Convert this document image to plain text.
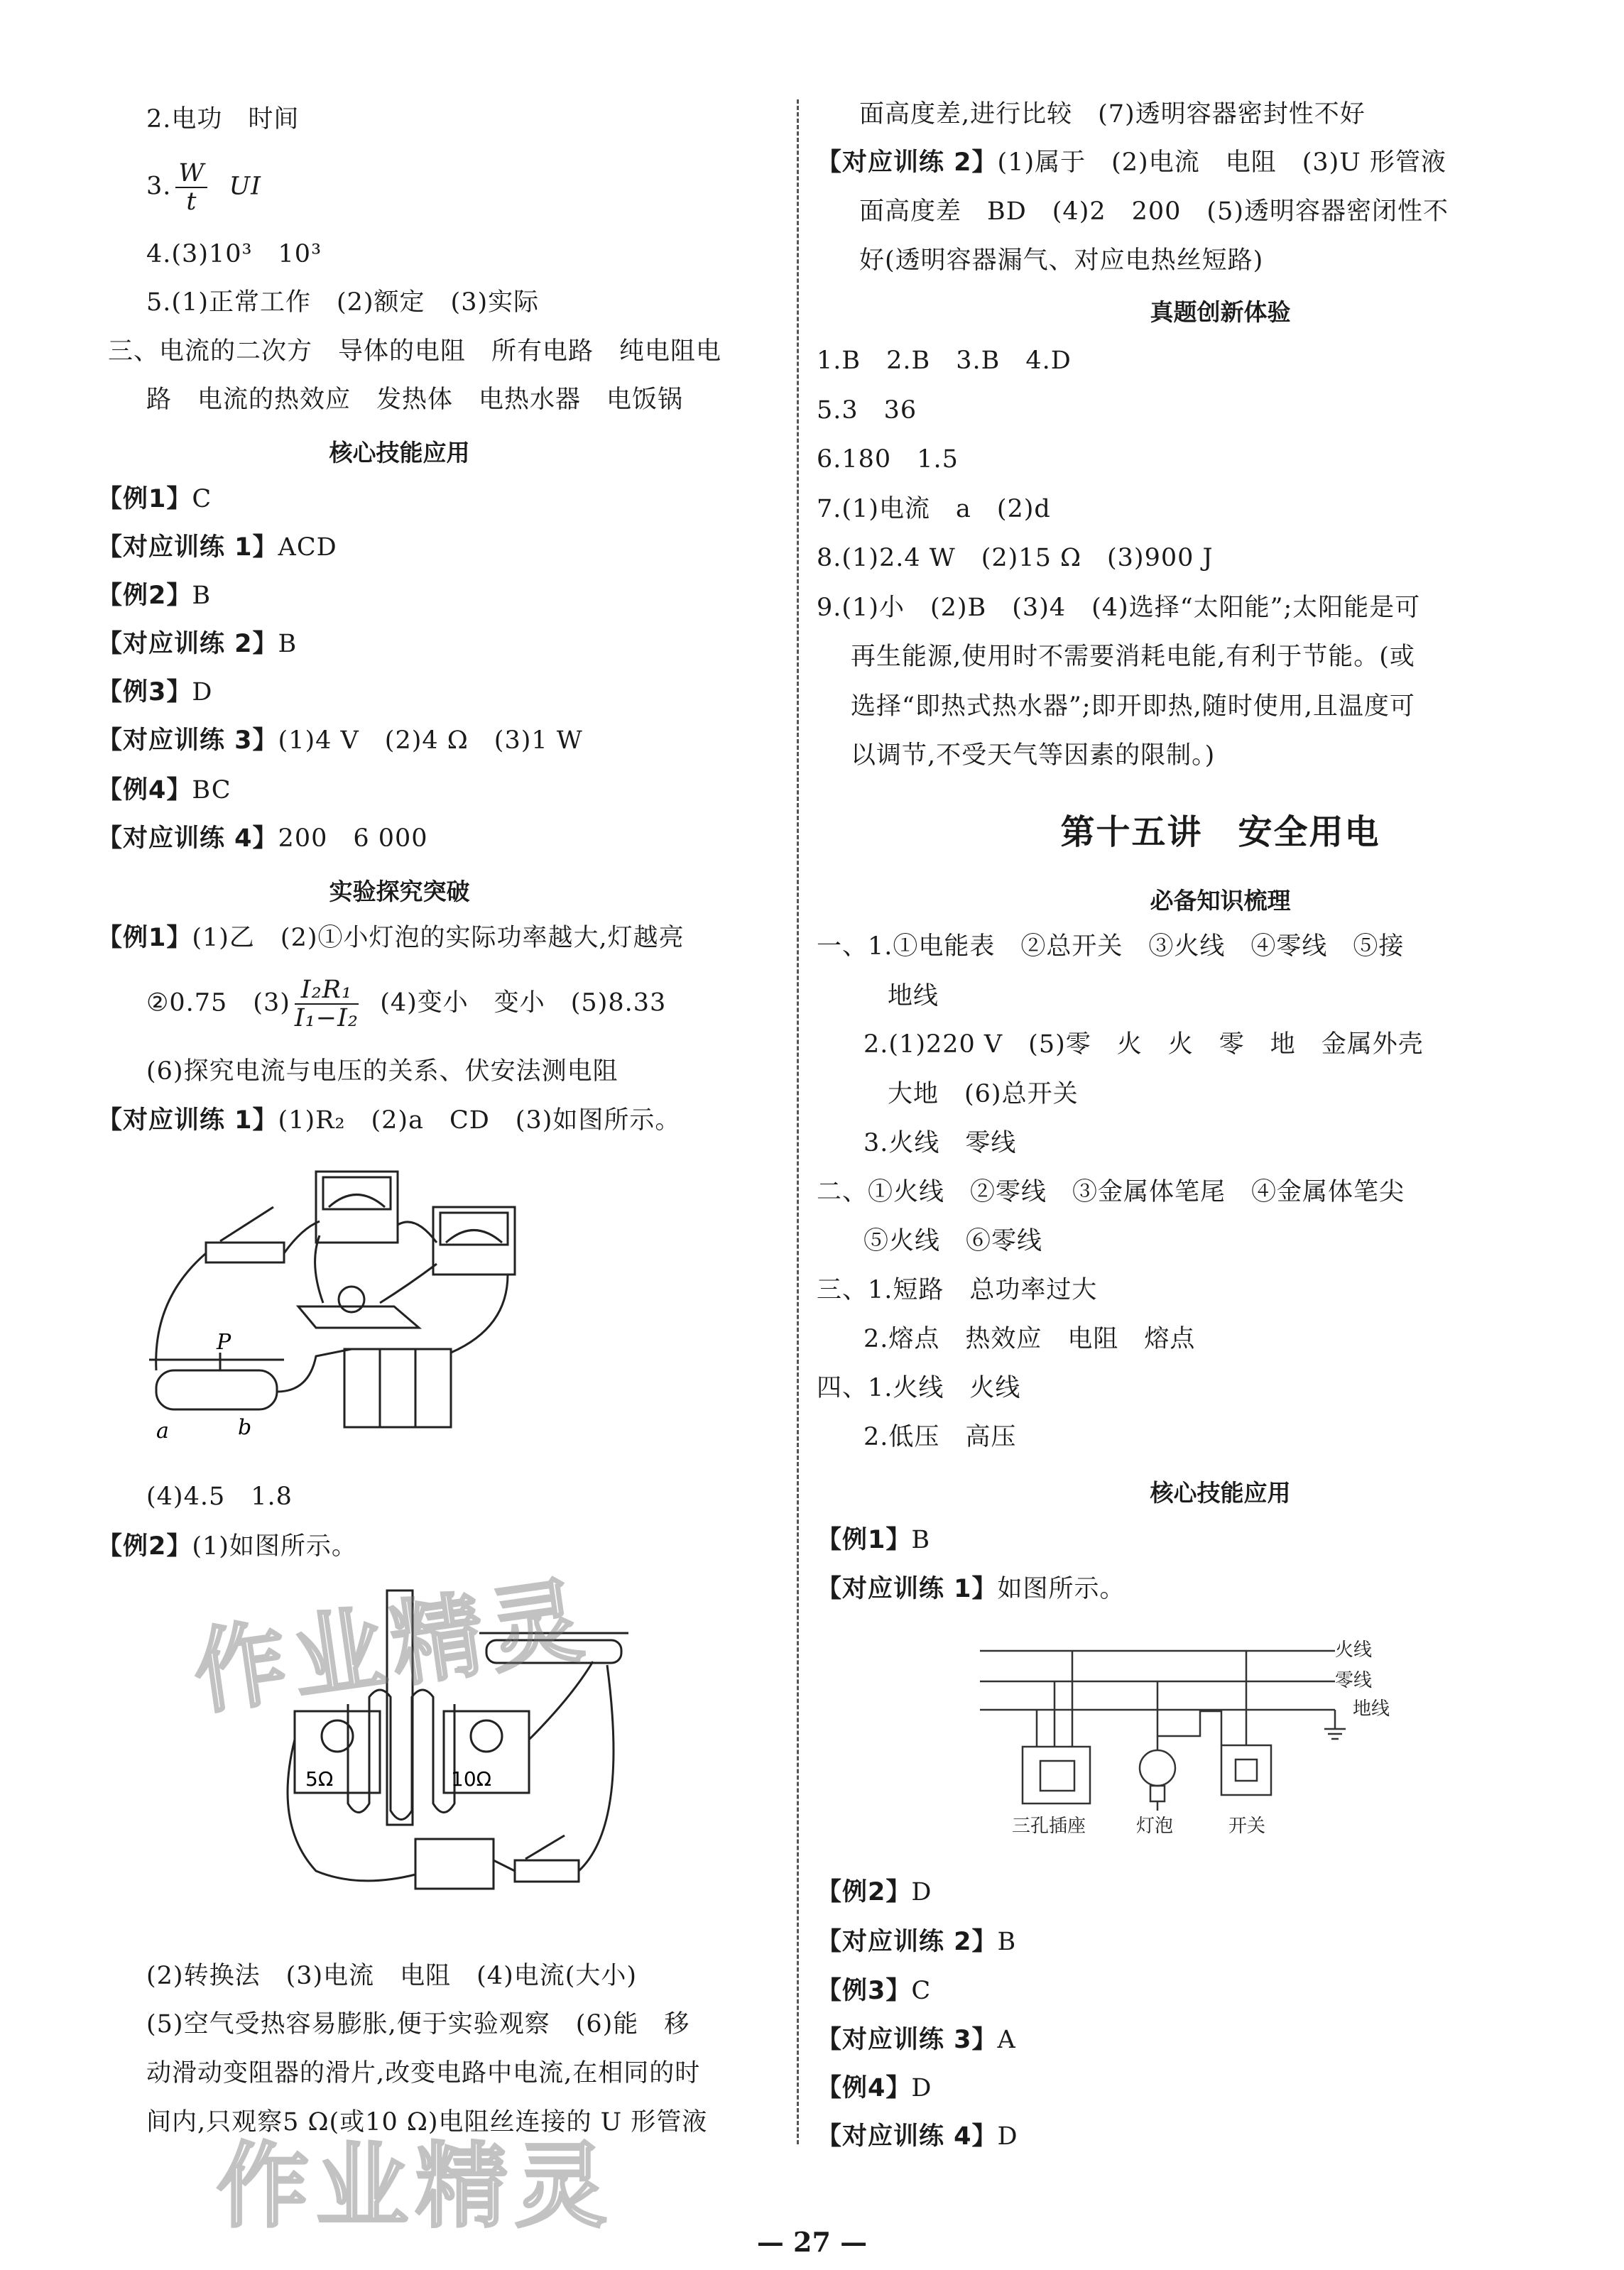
2.电功　时间
3. $\frac{W}{t}$ UI
4.(3)10³　10³
5.(1)正常工作　(2)额定　(3)实际
三、电流的二次方　导体的电阻　所有电路　纯电阻电
路　电流的热效应　发热体　电热水器　电饭锅
核心技能应用
【例1】C
【对应训练 1】ACD
【例2】B
【对应训练 2】B
【例3】D
【对应训练 3】(1)4 V　(2)4 Ω　(3)1 W
【例4】BC
【对应训练 4】200　6 000
实验探究突破
【例1】(1)乙　(2)①小灯泡的实际功率越大,灯越亮
②0.75　$(3) \frac{\text{I₂R₁}}{\text{I₁−I₂}} (4)$变小　变小　(5)8.33
(6)探究电流与电压的关系、伏安法测电阻
【对应训练 1】(1)R₂　(2)a　CD　(3)如图所示。
P
a	b
(4)4.5　1.8
【例2】(1)如图所示。
5Ω	10Ω
(2)转换法　(3)电流　电阻　(4)电流(大小)
(5)空气受热容易膨胀,便于实验观察　(6)能　移
动滑动变阻器的滑片,改变电路中电流,在相同的时
间内,只观察5 Ω(或10 Ω)电阻丝连接的 U 形管液
面高度差,进行比较　(7)透明容器密封性不好
【对应训练 2】(1)属于　(2)电流　电阻　(3)U 形管液
面高度差　BD　(4)2　200　(5)透明容器密闭性不
好(透明容器漏气、对应电热丝短路)
真题创新体验
1.B　2.B　3.B　4.D
5.3　36
6.180　1.5
7.(1)电流　a　(2)d
8.(1)2.4 W　(2)15 Ω　(3)900 J
9.(1)小　(2)B　(3)4　(4)选择“太阳能”;太阳能是可
再生能源,使用时不需要消耗电能,有利于节能。(或
选择“即热式热水器”;即开即热,随时使用,且温度可
以调节,不受天气等因素的限制。)
第十五讲　安全用电
必备知识梳理
一、1.①电能表　②总开关　③火线　④零线　⑤接
地线
2.(1)220 V　(5)零　火　火　零　地　金属外壳
大地　(6)总开关
3.火线　零线
二、①火线　②零线　③金属体笔尾　④金属体笔尖
⑤火线　⑥零线
三、1.短路　总功率过大
2.熔点　热效应　电阻　熔点
四、1.火线　火线
2.低压　高压
核心技能应用
【例1】B
【对应训练 1】如图所示。
火线
零线
地线
三孔插座	灯泡	开关
【例2】D
【对应训练 2】B
【例3】C
【对应训练 3】A
【例4】D
【对应训练 4】D
作业精灵
作业精灵
— 27 —
